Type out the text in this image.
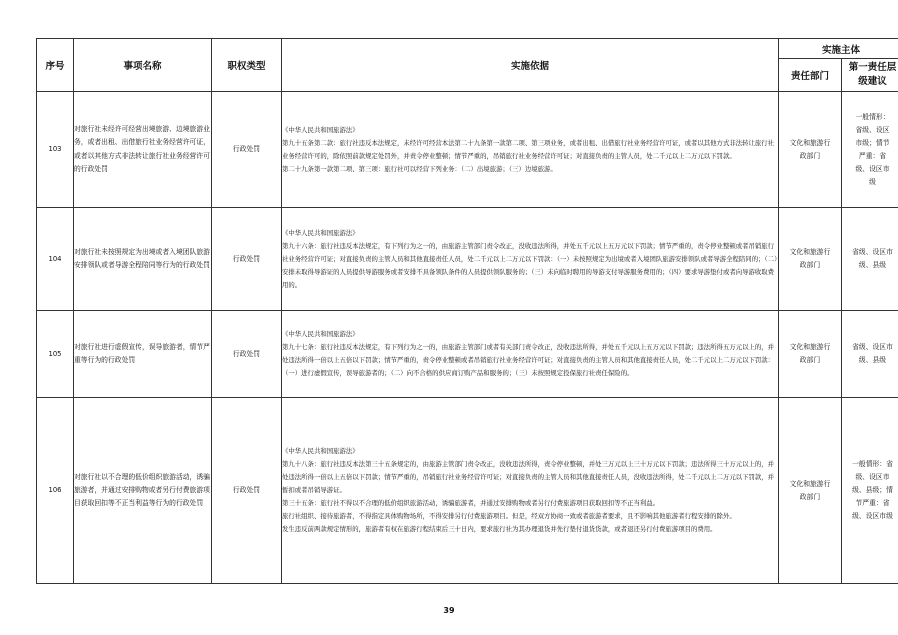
序号	事项名称	职权类型	实施依据	实施主体	
				责任部门	第一责任层级建议
103	对旅行社未经许可经营出境旅游、边境旅游业务，或者出租、出借旅行社业务经营许可证，或者以其他方式非法转让旅行社业务经营许可的行政处罚	行政处罚	《中华人民共和国旅游法》

第九十五条第二款：旅行社违反本法规定，未经许可经营本法第二十九条第一款第二项、第三项业务，或者出租、出借旅行社业务经营许可证，或者以其他方式非法转让旅行社业务经营许可的，除依照前款规定处罚外，并责令停业整顿；情节严重的，吊销旅行社业务经营许可证；对直接负责的主管人员，处二千元以上二万元以下罚款。

第二十九条第一款第二项、第三项：旅行社可以经营下列业务：（二）出境旅游；（三）边境旅游。	文化和旅游行政部门	一般情形：省级、设区市级；情节严重：省级、设区市级
104	对旅行社未按照规定为出境或者入境团队旅游安排领队或者导游全程陪同等行为的行政处罚	行政处罚	《中华人民共和国旅游法》

第九十六条：旅行社违反本法规定，有下列行为之一的，由旅游主管部门责令改正，没收违法所得，并处五千元以上五万元以下罚款；情节严重的，责令停业整顿或者吊销旅行社业务经营许可证；对直接负责的主管人员和其他直接责任人员，处二千元以上二万元以下罚款：（一）未按照规定为出境或者入境团队旅游安排领队或者导游全程陪同的；（二）安排未取得导游证的人员提供导游服务或者安排不具备领队条件的人员提供领队服务的；（三）未向临时聘用的导游支付导游服务费用的；（四）要求导游垫付或者向导游收取费用的。	文化和旅游行政部门	省级、设区市级、县级
105	对旅行社进行虚假宣传，误导旅游者，情节严重等行为的行政处罚	行政处罚	《中华人民共和国旅游法》

第九十七条：旅行社违反本法规定，有下列行为之一的，由旅游主管部门或者有关部门责令改正，没收违法所得，并处五千元以上五万元以下罚款；违法所得五万元以上的，并处违法所得一倍以上五倍以下罚款；情节严重的，责令停业整顿或者吊销旅行社业务经营许可证；对直接负责的主管人员和其他直接责任人员，处二千元以上二万元以下罚款：（一）进行虚假宣传，误导旅游者的；（二）向不合格的供应商订购产品和服务的；（三）未按照规定投保旅行社责任保险的。	文化和旅游行政部门	省级、设区市级、县级
106	对旅行社以不合理的低价组织旅游活动，诱骗旅游者，并通过安排购物或者另行付费旅游项目获取回扣等不正当利益等行为的行政处罚	行政处罚	《中华人民共和国旅游法》

第九十八条：旅行社违反本法第三十五条规定的，由旅游主管部门责令改正，没收违法所得，责令停业整顿，并处三万元以上三十万元以下罚款；违法所得三十万元以上的，并处违法所得一倍以上五倍以下罚款；情节严重的，吊销旅行社业务经营许可证；对直接负责的主管人员和其他直接责任人员，没收违法所得，处二千元以上二万元以下罚款，并暂扣或者吊销导游证。

第三十五条：旅行社不得以不合理的低价组织旅游活动，诱骗旅游者，并通过安排购物或者另行付费旅游项目获取回扣等不正当利益。

旅行社组织、接待旅游者，不得指定具体购物场所，不得安排另行付费旅游项目。但是，经双方协商一致或者旅游者要求，且不影响其他旅游者行程安排的除外。

发生违反前两款规定情形的，旅游者有权在旅游行程结束后三十日内，要求旅行社为其办理退货并先行垫付退货货款，或者退还另行付费旅游项目的费用。	文化和旅游行政部门	一般情形：省级、设区市级、县级；情节严重：省级、设区市级
39
